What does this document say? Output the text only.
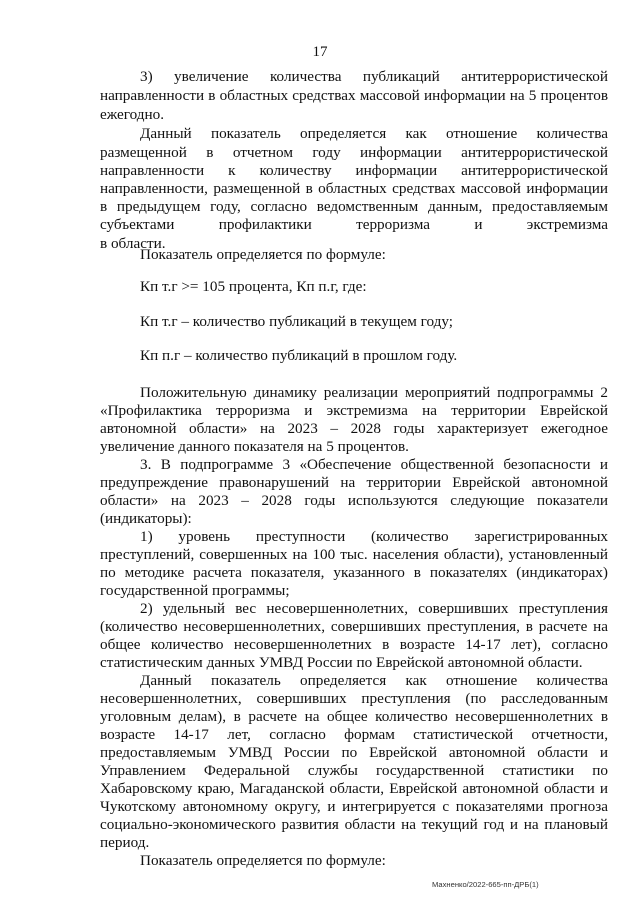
17
3) увеличение количества публикаций антитеррористической
направленности в областных средствах массовой информации на 5 процентов
ежегодно.
Данный показатель определяется как отношение количества
размещенной в отчетном году информации антитеррористической
направленности к количеству информации антитеррористической
направленности, размещенной в областных средствах массовой информации
в предыдущем году, согласно ведомственным данным, предоставляемым
субъектами профилактики терроризма и экстремизма
в области.
Показатель определяется по формуле:
Кп т.г >= 105 процента, Кп п.г, где:
Кп т.г – количество публикаций в текущем году;
Кп п.г – количество публикаций в прошлом году.
Положительную динамику реализации мероприятий подпрограммы 2
«Профилактика терроризма и экстремизма на территории Еврейской
автономной области» на 2023 – 2028 годы характеризует ежегодное
увеличение данного показателя на 5 процентов.
3. В подпрограмме 3 «Обеспечение общественной безопасности и
предупреждение правонарушений на территории Еврейской автономной
области» на 2023 – 2028 годы используются следующие показатели
(индикаторы):
1) уровень преступности (количество зарегистрированных
преступлений, совершенных на 100 тыс. населения области), установленный
по методике расчета показателя, указанного в показателях (индикаторах)
государственной программы;
2) удельный вес несовершеннолетних, совершивших преступления
(количество несовершеннолетних, совершивших преступления, в расчете на
общее количество несовершеннолетних в возрасте 14-17 лет), согласно
статистическим данных УМВД России по Еврейской автономной области.
Данный показатель определяется как отношение количества
несовершеннолетних, совершивших преступления (по расследованным
уголовным делам), в расчете на общее количество несовершеннолетних в
возрасте 14-17 лет, согласно формам статистической отчетности,
предоставляемым УМВД России по Еврейской автономной области и
Управлением Федеральной службы государственной статистики по
Хабаровскому краю, Магаданской области, Еврейской автономной области и
Чукотскому автономному округу, и интегрируется с показателями прогноза
социально-экономического развития области на текущий год и на плановый
период.
Показатель определяется по формуле:
Махненко/2022-665-пп-ДРБ(1)
